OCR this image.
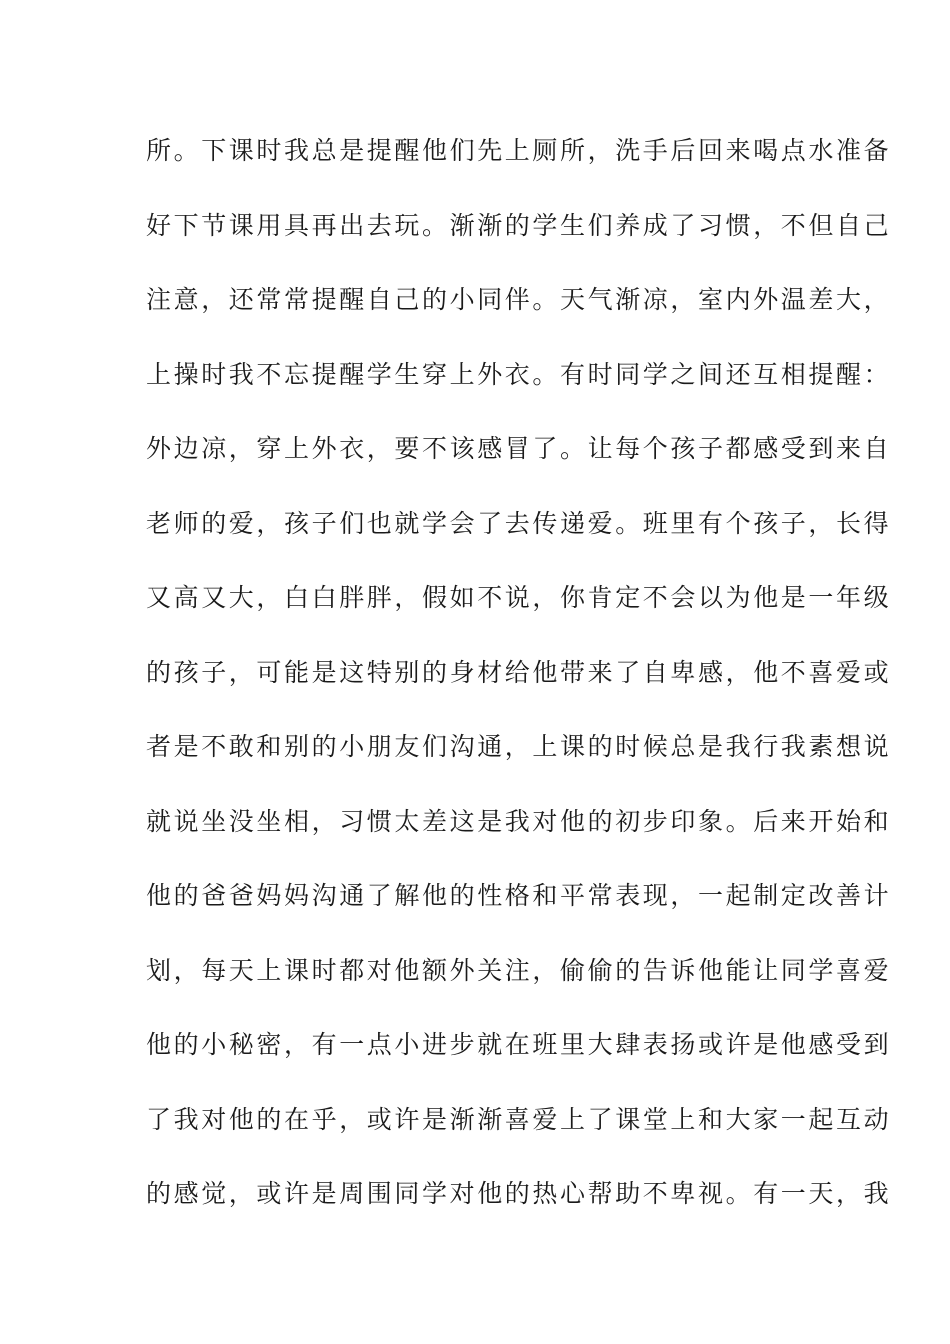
所。下课时我总是提醒他们先上厕所，洗手后回来喝点水准备
好下节课用具再出去玩。渐渐的学生们养成了习惯，不但自己
注意，还常常提醒自己的小同伴。天气渐凉，室内外温差大，
上操时我不忘提醒学生穿上外衣。有时同学之间还互相提醒：
外边凉，穿上外衣，要不该感冒了。让每个孩子都感受到来自
老师的爱，孩子们也就学会了去传递爱。班里有个孩子，长得
又高又大，白白胖胖，假如不说，你肯定不会以为他是一年级
的孩子，可能是这特别的身材给他带来了自卑感，他不喜爱或
者是不敢和别的小朋友们沟通，上课的时候总是我行我素想说
就说坐没坐相，习惯太差这是我对他的初步印象。后来开始和
他的爸爸妈妈沟通了解他的性格和平常表现，一起制定改善计
划，每天上课时都对他额外关注，偷偷的告诉他能让同学喜爱
他的小秘密，有一点小进步就在班里大肆表扬或许是他感受到
了我对他的在乎，或许是渐渐喜爱上了课堂上和大家一起互动
的感觉，或许是周围同学对他的热心帮助不卑视。有一天，我
